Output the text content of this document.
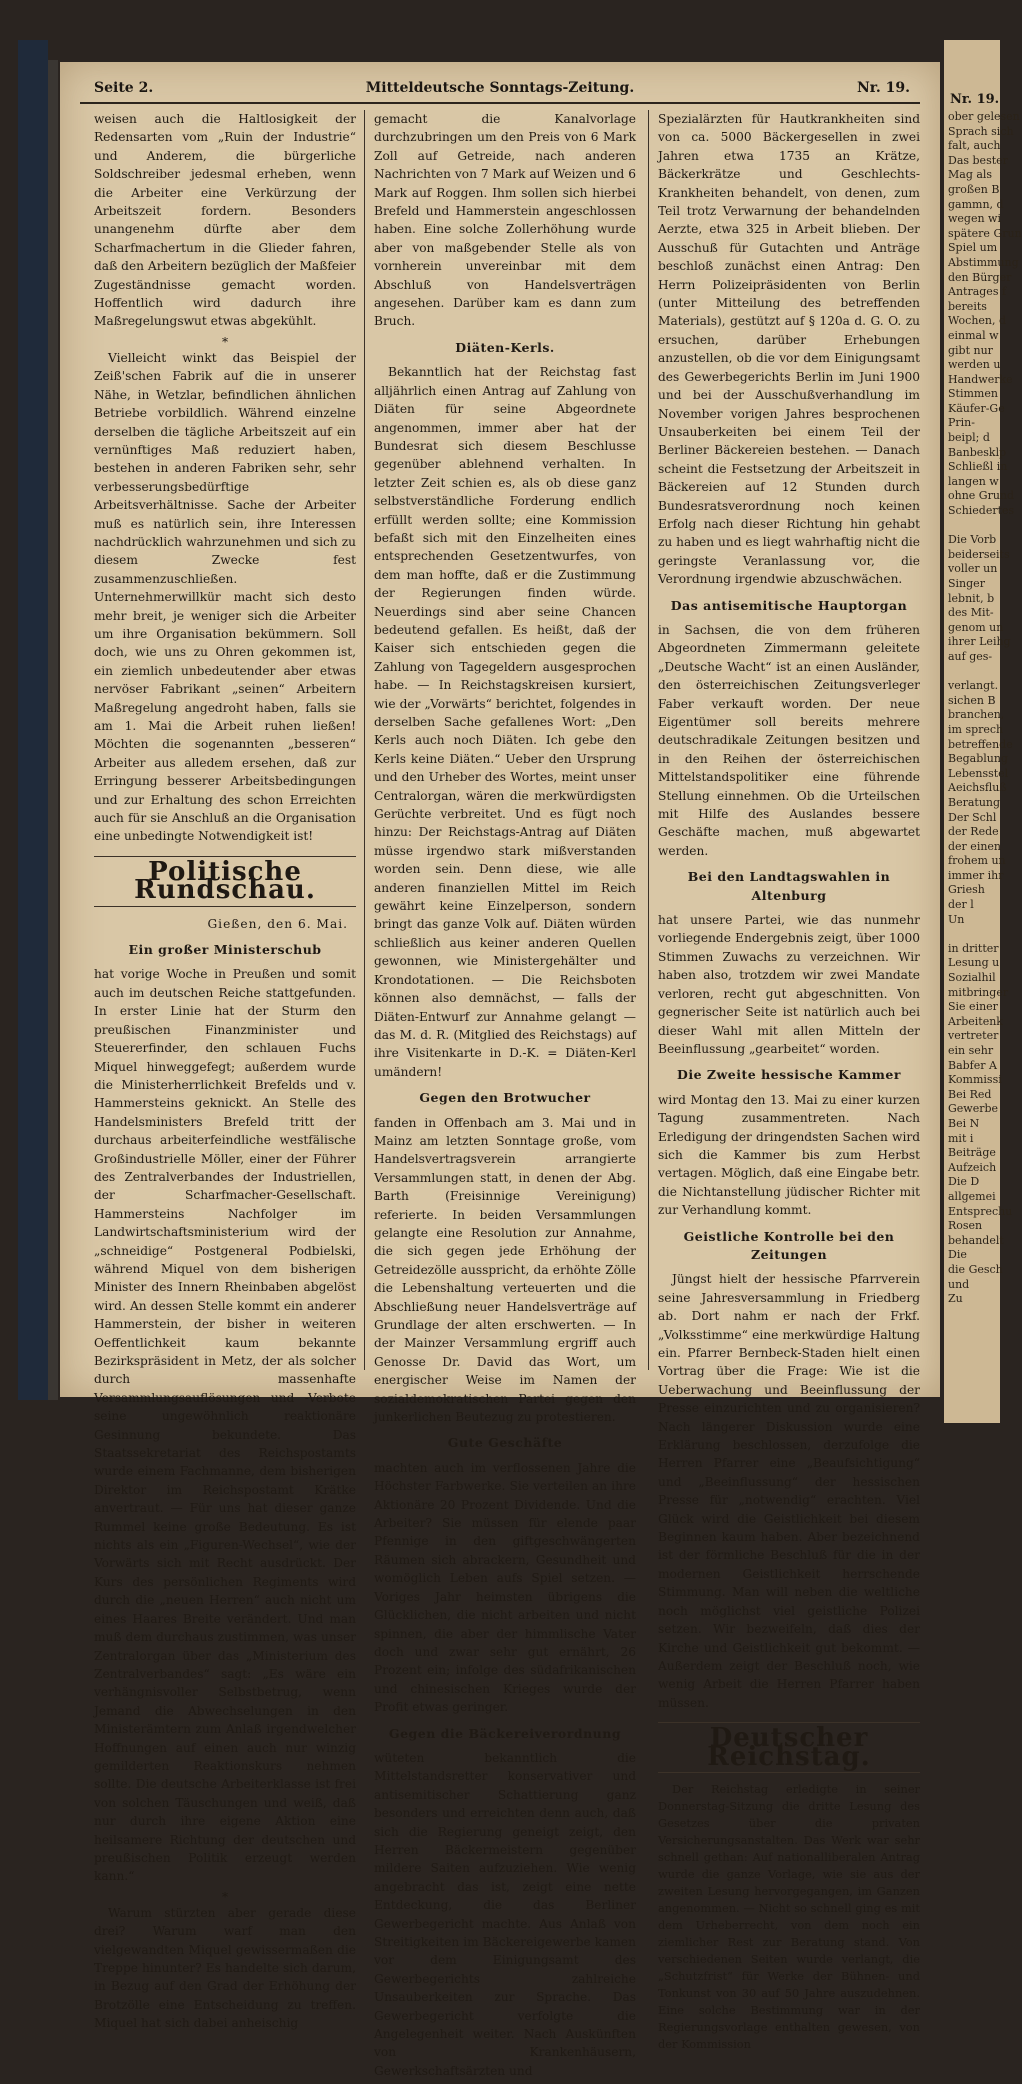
Seite 2.	Mitteldeutsche Sonntags-Zeitung.	Nr. 19.

weisen auch die Haltlosigkeit der Redensarten vom „Ruin der Industrie“ und Anderem, die bürgerliche Soldschreiber jedesmal erheben, wenn die Arbeiter eine Verkürzung der Arbeitszeit fordern. Besonders unangenehm dürfte aber dem Scharfmachertum in die Glieder fahren, daß den Arbeitern bezüglich der Maßfeier Zugeständnisse gemacht worden. Hoffentlich wird dadurch ihre Maßregelungswut etwas abgekühlt.

*

Vielleicht winkt das Beispiel der Zeiß'schen Fabrik auf die in unserer Nähe, in Wetzlar, befindlichen ähnlichen Betriebe vorbildlich. Während einzelne derselben die tägliche Arbeitszeit auf ein vernünftiges Maß reduziert haben, bestehen in anderen Fabriken sehr, sehr verbesserungsbedürftige Arbeitsverhältnisse. Sache der Arbeiter muß es natürlich sein, ihre Interessen nachdrücklich wahrzunehmen und sich zu diesem Zwecke fest zusammenzuschließen. Unternehmerwillkür macht sich desto mehr breit, je weniger sich die Arbeiter um ihre Organisation bekümmern. Soll doch, wie uns zu Ohren gekommen ist, ein ziemlich unbedeutender aber etwas nervöser Fabrikant „seinen“ Arbeitern Maßregelung angedroht haben, falls sie am 1. Mai die Arbeit ruhen ließen! Möchten die sogenannten „besseren“ Arbeiter aus alledem ersehen, daß zur Erringung besserer Arbeitsbedingungen und zur Erhaltung des schon Erreichten auch für sie Anschluß an die Organisation eine unbedingte Notwendigkeit ist!

Politische Rundschau.
Gießen, den 6. Mai.
Ein großer Ministerschub

hat vorige Woche in Preußen und somit auch im deutschen Reiche stattgefunden. In erster Linie hat der Sturm den preußischen Finanzminister und Steuererfinder, den schlauen Fuchs Miquel hinweggefegt; außerdem wurde die Ministerherrlichkeit Brefelds und v. Hammersteins geknickt. An Stelle des Handelsministers Brefeld tritt der durchaus arbeiterfeindliche westfälische Großindustrielle Möller, einer der Führer des Zentralverbandes der Industriellen, der Scharfmacher-Gesellschaft. Hammersteins Nachfolger im Landwirtschaftsministerium wird der „schneidige“ Postgeneral Podbielski, während Miquel von dem bisherigen Minister des Innern Rheinbaben abgelöst wird. An dessen Stelle kommt ein anderer Hammerstein, der bisher in weiteren Oeffentlichkeit kaum bekannte Bezirkspräsident in Metz, der als solcher durch massenhafte Versammlungsauflösungen und -Verbote seine ungewöhnlich reaktionäre Gesinnung bekundete. Das Staatssekretariat des Reichspostamts wurde einem Fachmanne, dem bisherigen Direktor im Reichspostamt Krätke anvertraut. — Für uns hat dieser ganze Rummel keine große Bedeutung. Es ist nichts als ein „Figuren-Wechsel“, wie der Vorwärts sich mit Recht ausdrückt. Der Kurs des persönlichen Regiments wird durch die „neuen Herren“ auch nicht um eines Haares Breite verändert. Und man muß dem durchaus zustimmen, was unser Zentralorgan über das „Ministerium des Zentralverbandes“ sagt: „Es wäre ein verhängnisvoller Selbstbetrug, wenn Jemand die Abwechselungen in den Ministerämtern zum Anlaß irgendwelcher Hoffnungen auf einen auch nur winzig gemilderten Reaktionskurs nehmen sollte. Die deutsche Arbeiterklasse ist frei von solchen Täuschungen und weiß, daß nur durch ihre eigene Aktion eine heilsamere Richtung der deutschen und preußischen Politik erzeugt werden kann.“

*

Warum stürzten aber gerade diese drei? Warum warf man den vielgewandten Miquel gewissermaßen die Treppe hinunter? Es handelte sich darum, in Bezug auf den Grad der Erhöhung der Brotzölle eine Entscheidung zu treffen. Miquel hat sich dabei anheischig

gemacht die Kanalvorlage durchzubringen um den Preis von 6 Mark Zoll auf Getreide, nach anderen Nachrichten von 7 Mark auf Weizen und 6 Mark auf Roggen. Ihm sollen sich hierbei Brefeld und Hammerstein angeschlossen haben. Eine solche Zollerhöhung wurde aber von maßgebender Stelle als von vornherein unvereinbar mit dem Abschluß von Handelsverträgen angesehen. Darüber kam es dann zum Bruch.

Diäten-Kerls.

Bekanntlich hat der Reichstag fast alljährlich einen Antrag auf Zahlung von Diäten für seine Abgeordnete angenommen, immer aber hat der Bundesrat sich diesem Beschlusse gegenüber ablehnend verhalten. In letzter Zeit schien es, als ob diese ganz selbstverständliche Forderung endlich erfüllt werden sollte; eine Kommission befaßt sich mit den Einzelheiten eines entsprechenden Gesetzentwurfes, von dem man hoffte, daß er die Zustimmung der Regierungen finden würde. Neuerdings sind aber seine Chancen bedeutend gefallen. Es heißt, daß der Kaiser sich entschieden gegen die Zahlung von Tagegeldern ausgesprochen habe. — In Reichstagskreisen kursiert, wie der „Vorwärts“ berichtet, folgendes in derselben Sache gefallenes Wort: „Den Kerls auch noch Diäten. Ich gebe den Kerls keine Diäten.“ Ueber den Ursprung und den Urheber des Wortes, meint unser Centralorgan, wären die merkwürdigsten Gerüchte verbreitet. Und es fügt noch hinzu: Der Reichstags-Antrag auf Diäten müsse irgendwo stark mißverstanden worden sein. Denn diese, wie alle anderen finanziellen Mittel im Reich gewährt keine Einzelperson, sondern bringt das ganze Volk auf. Diäten würden schließlich aus keiner anderen Quellen gewonnen, wie Ministergehälter und Krondotationen. — Die Reichsboten können also demnächst, — falls der Diäten-Entwurf zur Annahme gelangt — das M. d. R. (Mitglied des Reichstags) auf ihre Visitenkarte in D.-K. = Diäten-Kerl umändern!

Gegen den Brotwucher

fanden in Offenbach am 3. Mai und in Mainz am letzten Sonntage große, vom Handelsvertragsverein arrangierte Versammlungen statt, in denen der Abg. Barth (Freisinnige Vereinigung) referierte. In beiden Versammlungen gelangte eine Resolution zur Annahme, die sich gegen jede Erhöhung der Getreidezölle ausspricht, da erhöhte Zölle die Lebenshaltung verteuerten und die Abschließung neuer Handelsverträge auf Grundlage der alten erschwerten. — In der Mainzer Versammlung ergriff auch Genosse Dr. David das Wort, um energischer Weise im Namen der sozialdemokratischen Partei gegen den junkerlichen Beutezug zu protestieren.

Gute Geschäfte

machten auch im verflossenen Jahre die Höchster Farbwerke. Sie verteilen an ihre Aktionäre 20 Prozent Dividende. Und die Arbeiter? Sie müssen für elende paar Pfennige in den giftgeschwängerten Räumen sich abrackern, Gesundheit und womöglich Leben aufs Spiel setzen. — Voriges Jahr heimsten übrigens die Glücklichen, die nicht arbeiten und nicht spinnen, die aber der himmlische Vater doch und zwar sehr gut ernährt, 26 Prozent ein; infolge des südafrikanischen und chinesischen Krieges wurde der Profit etwas geringer.

Gegen die Bäckereiverordnung

wüteten bekanntlich die Mittelstandsretter konservativer und antisemitischer Schattierung ganz besonders und erreichten denn auch, daß sich die Regierung geneigt zeigt, den Herren Bäckermeistern gegenüber mildere Saiten aufzuziehen. Wie wenig angebracht das ist, zeigt eine nette Entdeckung, die das Berliner Gewerbegericht machte. Aus Anlaß von Streitigkeiten im Bäckereigewerbe kamen vor dem Einigungsamt des Gewerbegerichts zahlreiche Unsauberkeiten zur Sprache. Das Gewerbegericht verfolgte die Angelegenheit weiter. Nach Auskünften von Krankenhäusern, Gewerkschaftsärzten und

Spezialärzten für Hautkrankheiten sind von ca. 5000 Bäckergesellen in zwei Jahren etwa 1735 an Krätze, Bäckerkrätze und Geschlechts-Krankheiten behandelt, von denen, zum Teil trotz Verwarnung der behandelnden Aerzte, etwa 325 in Arbeit blieben. Der Ausschuß für Gutachten und Anträge beschloß zunächst einen Antrag: Den Herrn Polizeipräsidenten von Berlin (unter Mitteilung des betreffenden Materials), gestützt auf § 120a d. G. O. zu ersuchen, darüber Erhebungen anzustellen, ob die vor dem Einigungsamt des Gewerbegerichts Berlin im Juni 1900 und bei der Ausschußverhandlung im November vorigen Jahres besprochenen Unsauberkeiten bei einem Teil der Berliner Bäckereien bestehen. — Danach scheint die Festsetzung der Arbeitszeit in Bäckereien auf 12 Stunden durch Bundesratsverordnung noch keinen Erfolg nach dieser Richtung hin gehabt zu haben und es liegt wahrhaftig nicht die geringste Veranlassung vor, die Verordnung irgendwie abzuschwächen.

Das antisemitische Hauptorgan

in Sachsen, die von dem früheren Abgeordneten Zimmermann geleitete „Deutsche Wacht“ ist an einen Ausländer, den österreichischen Zeitungsverleger Faber verkauft worden. Der neue Eigentümer soll bereits mehrere deutschradikale Zeitungen besitzen und in den Reihen der österreichischen Mittelstandspolitiker eine führende Stellung einnehmen. Ob die Urteilschen mit Hilfe des Auslandes bessere Geschäfte machen, muß abgewartet werden.

Bei den Landtagswahlen in Altenburg

hat unsere Partei, wie das nunmehr vorliegende Endergebnis zeigt, über 1000 Stimmen Zuwachs zu verzeichnen. Wir haben also, trotzdem wir zwei Mandate verloren, recht gut abgeschnitten. Von gegnerischer Seite ist natürlich auch bei dieser Wahl mit allen Mitteln der Beeinflussung „gearbeitet“ worden.

Die Zweite hessische Kammer

wird Montag den 13. Mai zu einer kurzen Tagung zusammentreten. Nach Erledigung der dringendsten Sachen wird sich die Kammer bis zum Herbst vertagen. Möglich, daß eine Eingabe betr. die Nichtanstellung jüdischer Richter mit zur Verhandlung kommt.

Geistliche Kontrolle bei den Zeitungen

Jüngst hielt der hessische Pfarrverein seine Jahresversammlung in Friedberg ab. Dort nahm er nach der Frkf. „Volksstimme“ eine merkwürdige Haltung ein. Pfarrer Bernbeck-Staden hielt einen Vortrag über die Frage: Wie ist die Ueberwachung und Beeinflussung der Presse einzurichten und zu organisieren? Nach längerer Diskussion wurde eine Erklärung beschlossen, derzufolge die Herren Pfarrer eine „Beaufsichtigung“ und „Beeinflussung“ der hessischen Presse für „notwendig“ erachten. Viel Glück wird die Geistlichkeit bei diesem Beginnen kaum haben. Aber bezeichnend ist der förmliche Beschluß für die in der modernen Geistlichkeit herrschende Stimmung. Man will neben die weltliche noch möglichst viel geistliche Polizei setzen. Wir bezweifeln, daß dies der Kirche und Geistlichkeit gut bekommt. — Außerdem zeigt der Beschluß noch, wie wenig Arbeit die Herren Pfarrer haben müssen.

Deutscher Reichstag.

Der Reichstag erledigte in seiner Donnerstag-Sitzung die dritte Lesung des Gesetzes über die privaten Versicherungsanstalten. Das Werk war sehr schnell gethan: Auf nationalliberalen Antrag wurde die ganze Vorlage, wie sie aus der zweiten Lesung hervorgegangen, im Ganzen angenommen. — Nicht so schnell ging es mit dem Urheberrecht, von dem noch ein ziemlicher Rest zur Beratung stand. Von verschiedenen Seiten wurde verlangt, die „Schutzfrist“ für Werke der Bühnen- und Tonkunst von 30 auf 50 Jahre auszudehnen. Eine solche Bestimmung war in der Regierungsvorlage enthalten gewesen, von der Kommission

Nr. 19.
ober gelesen
Sprach sich
falt, auch
Das bester
Mag als
großen B
gammn, d
wegen wi
spätere Grun
Spiel um
Abstimmung
den Bürger
Antrages f
bereits
Wochen, d
einmal w
gibt nur
werden u
Handwerke
Stimmen
Käufer-Ge
Prin-
beipl; d
Banbesklp
Schließl in
langen w
ohne Grund
Schiedertes

Die Vorb
beiderseits
voller un
Singer
lebnit, b
des Mit-
genom un
ihrer Leihg
auf ges-

verlangt.
sichen B
branchen,
im sprech
betreffende
Begablung
Lebensstel
Aeichsfluß
Beratung
Der Schl
der Rede
der einen
frohem un
immer ihr
Griesh
der l
Un

in dritter
Lesung u
Sozialhil
mitbringer
Sie einer
Arbeitenk
vertreter
ein sehr
Babfer A
Kommissi
Bei Red
Gewerbe
Bei N
mit i
Beiträge
Aufzeich
Die D
allgemei
Entsprechu
Rosen
behandelt
Die
die Gesch
und
Zu
